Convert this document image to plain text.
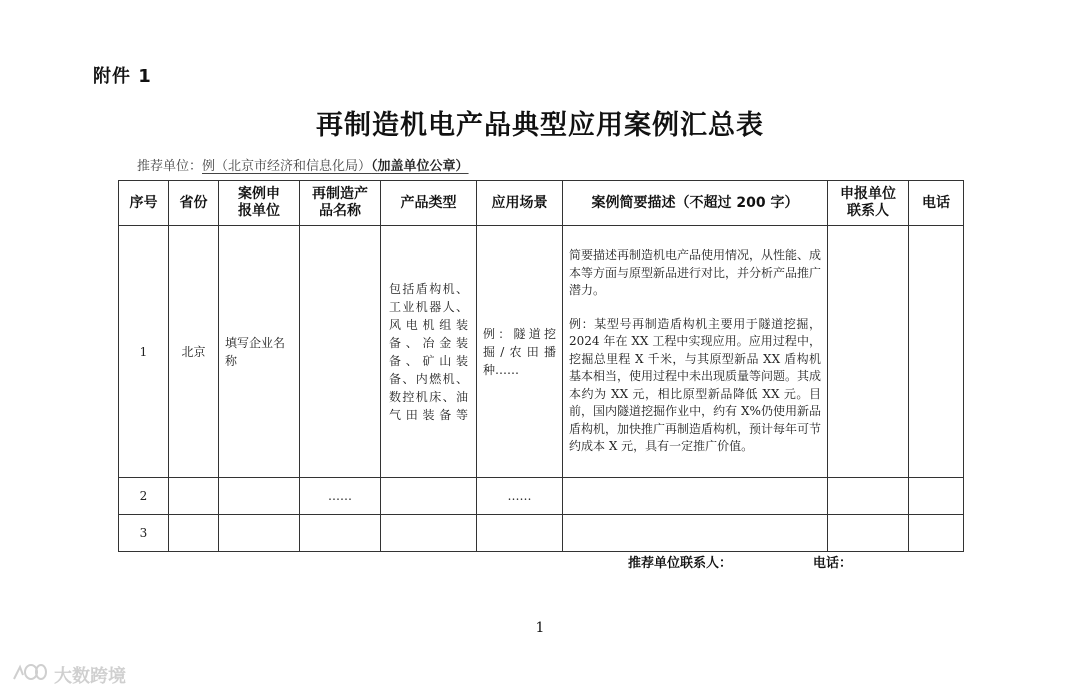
附件 1
再制造机电产品典型应用案例汇总表
推荐单位：例（北京市经济和信息化局）（加盖单位公章）
序号	省份	案例申报单位	再制造产品名称	产品类型	应用场景	案例简要描述（不超过 200 字）	申报单位联系人	电话
1	北京	填写企业名称		包括盾构机、工业机器人、风电机组装备、冶金装备、矿山装备、内燃机、数控机床、油气田装备等	例：隧道挖掘/农田播种……	简要描述再制造机电产品使用情况，从性能、成本等方面与原型新品进行对比，并分析产品推广潜力。

例：某型号再制造盾构机主要用于隧道挖掘，2024 年在 XX 工程中实现应用。应用过程中，挖掘总里程 X 千米，与其原型新品 XX 盾构机基本相当，使用过程中未出现质量等问题。其成本约为 XX 元，相比原型新品降低 XX 元。目前，国内隧道挖掘作业中，约有 X%仍使用新品盾构机，加快推广再制造盾构机，预计每年可节约成本 X 元，具有一定推广价值。		

2			……		……			
3								
推荐单位联系人：	电话：
1
大数跨境
